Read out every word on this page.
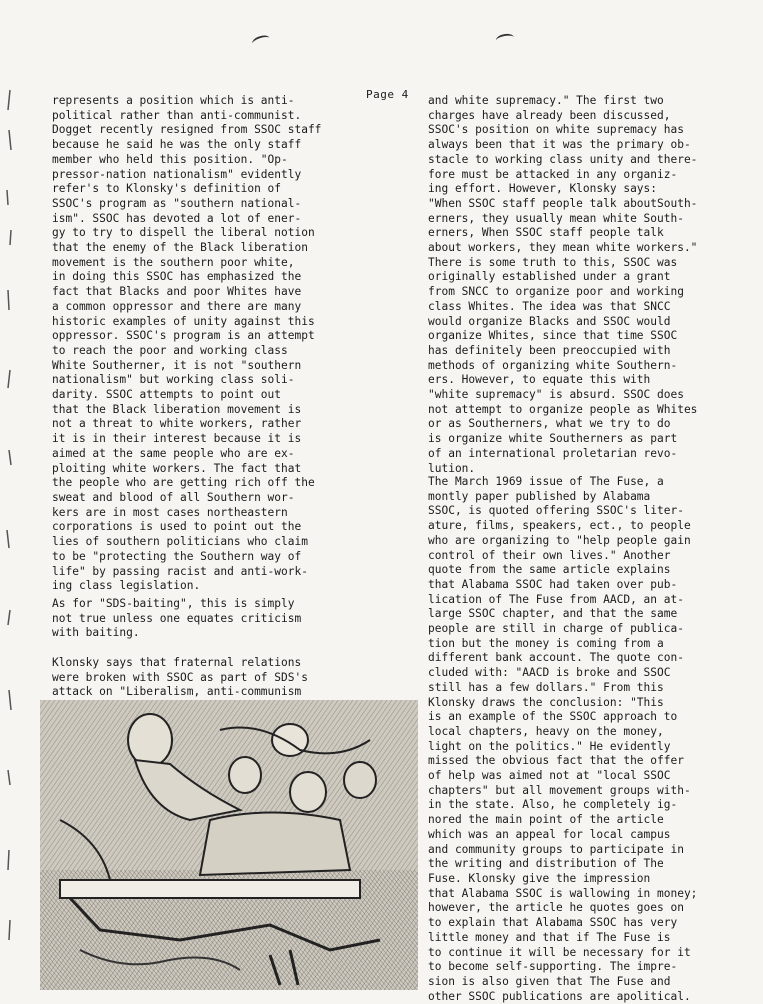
Page 4

represents a position which is anti-
political rather than anti-communist.
Dogget recently resigned from SSOC staff
because he said he was the only staff
member who held this position. "Op-
pressor-nation nationalism" evidently
refer's to Klonsky's definition of
SSOC's program as "southern national-
ism". SSOC has devoted a lot of ener-
gy to try to dispell the liberal notion
that the enemy of the Black liberation
movement is the southern poor white,
in doing this SSOC has emphasized the
fact that Blacks and poor Whites have
a common oppressor and there are many
historic examples of unity against this
oppressor. SSOC's program is an attempt
to reach the poor and working class
White Southerner, it is not "southern
nationalism" but working class soli-
darity. SSOC attempts to point out
that the Black liberation movement is
not a threat to white workers, rather
it is in their interest because it is
aimed at the same people who are ex-
ploiting white workers. The fact that
the people who are getting rich off the
sweat and blood of all Southern wor-
kers are in most cases northeastern
corporations is used to point out the
lies of southern politicians who claim
to be "protecting the Southern way of
life" by passing racist and anti-work-
ing class legislation.

As for "SDS-baiting", this is simply
not true unless one equates criticism
with baiting.

Klonsky says that fraternal relations
were broken with SSOC as part of SDS's
attack on "Liberalism, anti-communism

and white supremacy." The first two
charges have already been discussed,
SSOC's position on white supremacy has
always been that it was the primary ob-
stacle to working class unity and there-
fore must be attacked in any organiz-
ing effort. However, Klonsky says:
"When SSOC staff people talk aboutSouth-
erners, they usually mean white South-
erners, When SSOC staff people talk
about workers, they mean white workers."
There is some truth to this, SSOC was
originally established under a grant
from SNCC to organize poor and working
class Whites. The idea was that SNCC
would organize Blacks and SSOC would
organize Whites, since that time SSOC
has definitely been preoccupied with
methods of organizing white Southern-
ers. However, to equate this with
"white supremacy" is absurd. SSOC does
not attempt to organize people as Whites
or as Southerners, what we try to do
is organize white Southerners as part
of an international proletarian revo-
lution.

The March 1969 issue of The Fuse, a
montly paper published by Alabama
SSOC, is quoted offering SSOC's liter-
ature, films, speakers, ect., to people
who are organizing to "help people gain
control of their own lives." Another
quote from the same article explains
that Alabama SSOC had taken over pub-
lication of The Fuse from AACD, an at-
large SSOC chapter, and that the same
people are still in charge of publica-
tion but the money is coming from a
different bank account. The quote con-
cluded with: "AACD is broke and SSOC
still has a few dollars." From this
Klonsky draws the conclusion: "This
is an example of the SSOC approach to
local chapters, heavy on the money,
light on the politics." He evidently
missed the obvious fact that the offer
of help was aimed not at "local SSOC
chapters" but all movement groups with-
in the state. Also, he completely ig-
nored the main point of the article
which was an appeal for local campus
and community groups to participate in
the writing and distribution of The
Fuse. Klonsky give the impression
that Alabama SSOC is wallowing in money;
however, the article he quotes goes on
to explain that Alabama SSOC has very
little money and that if The Fuse is
to continue it will be necessary for it
to become self-supporting. The impre-
sion is also given that The Fuse and
other SSOC publications are apolitical.
